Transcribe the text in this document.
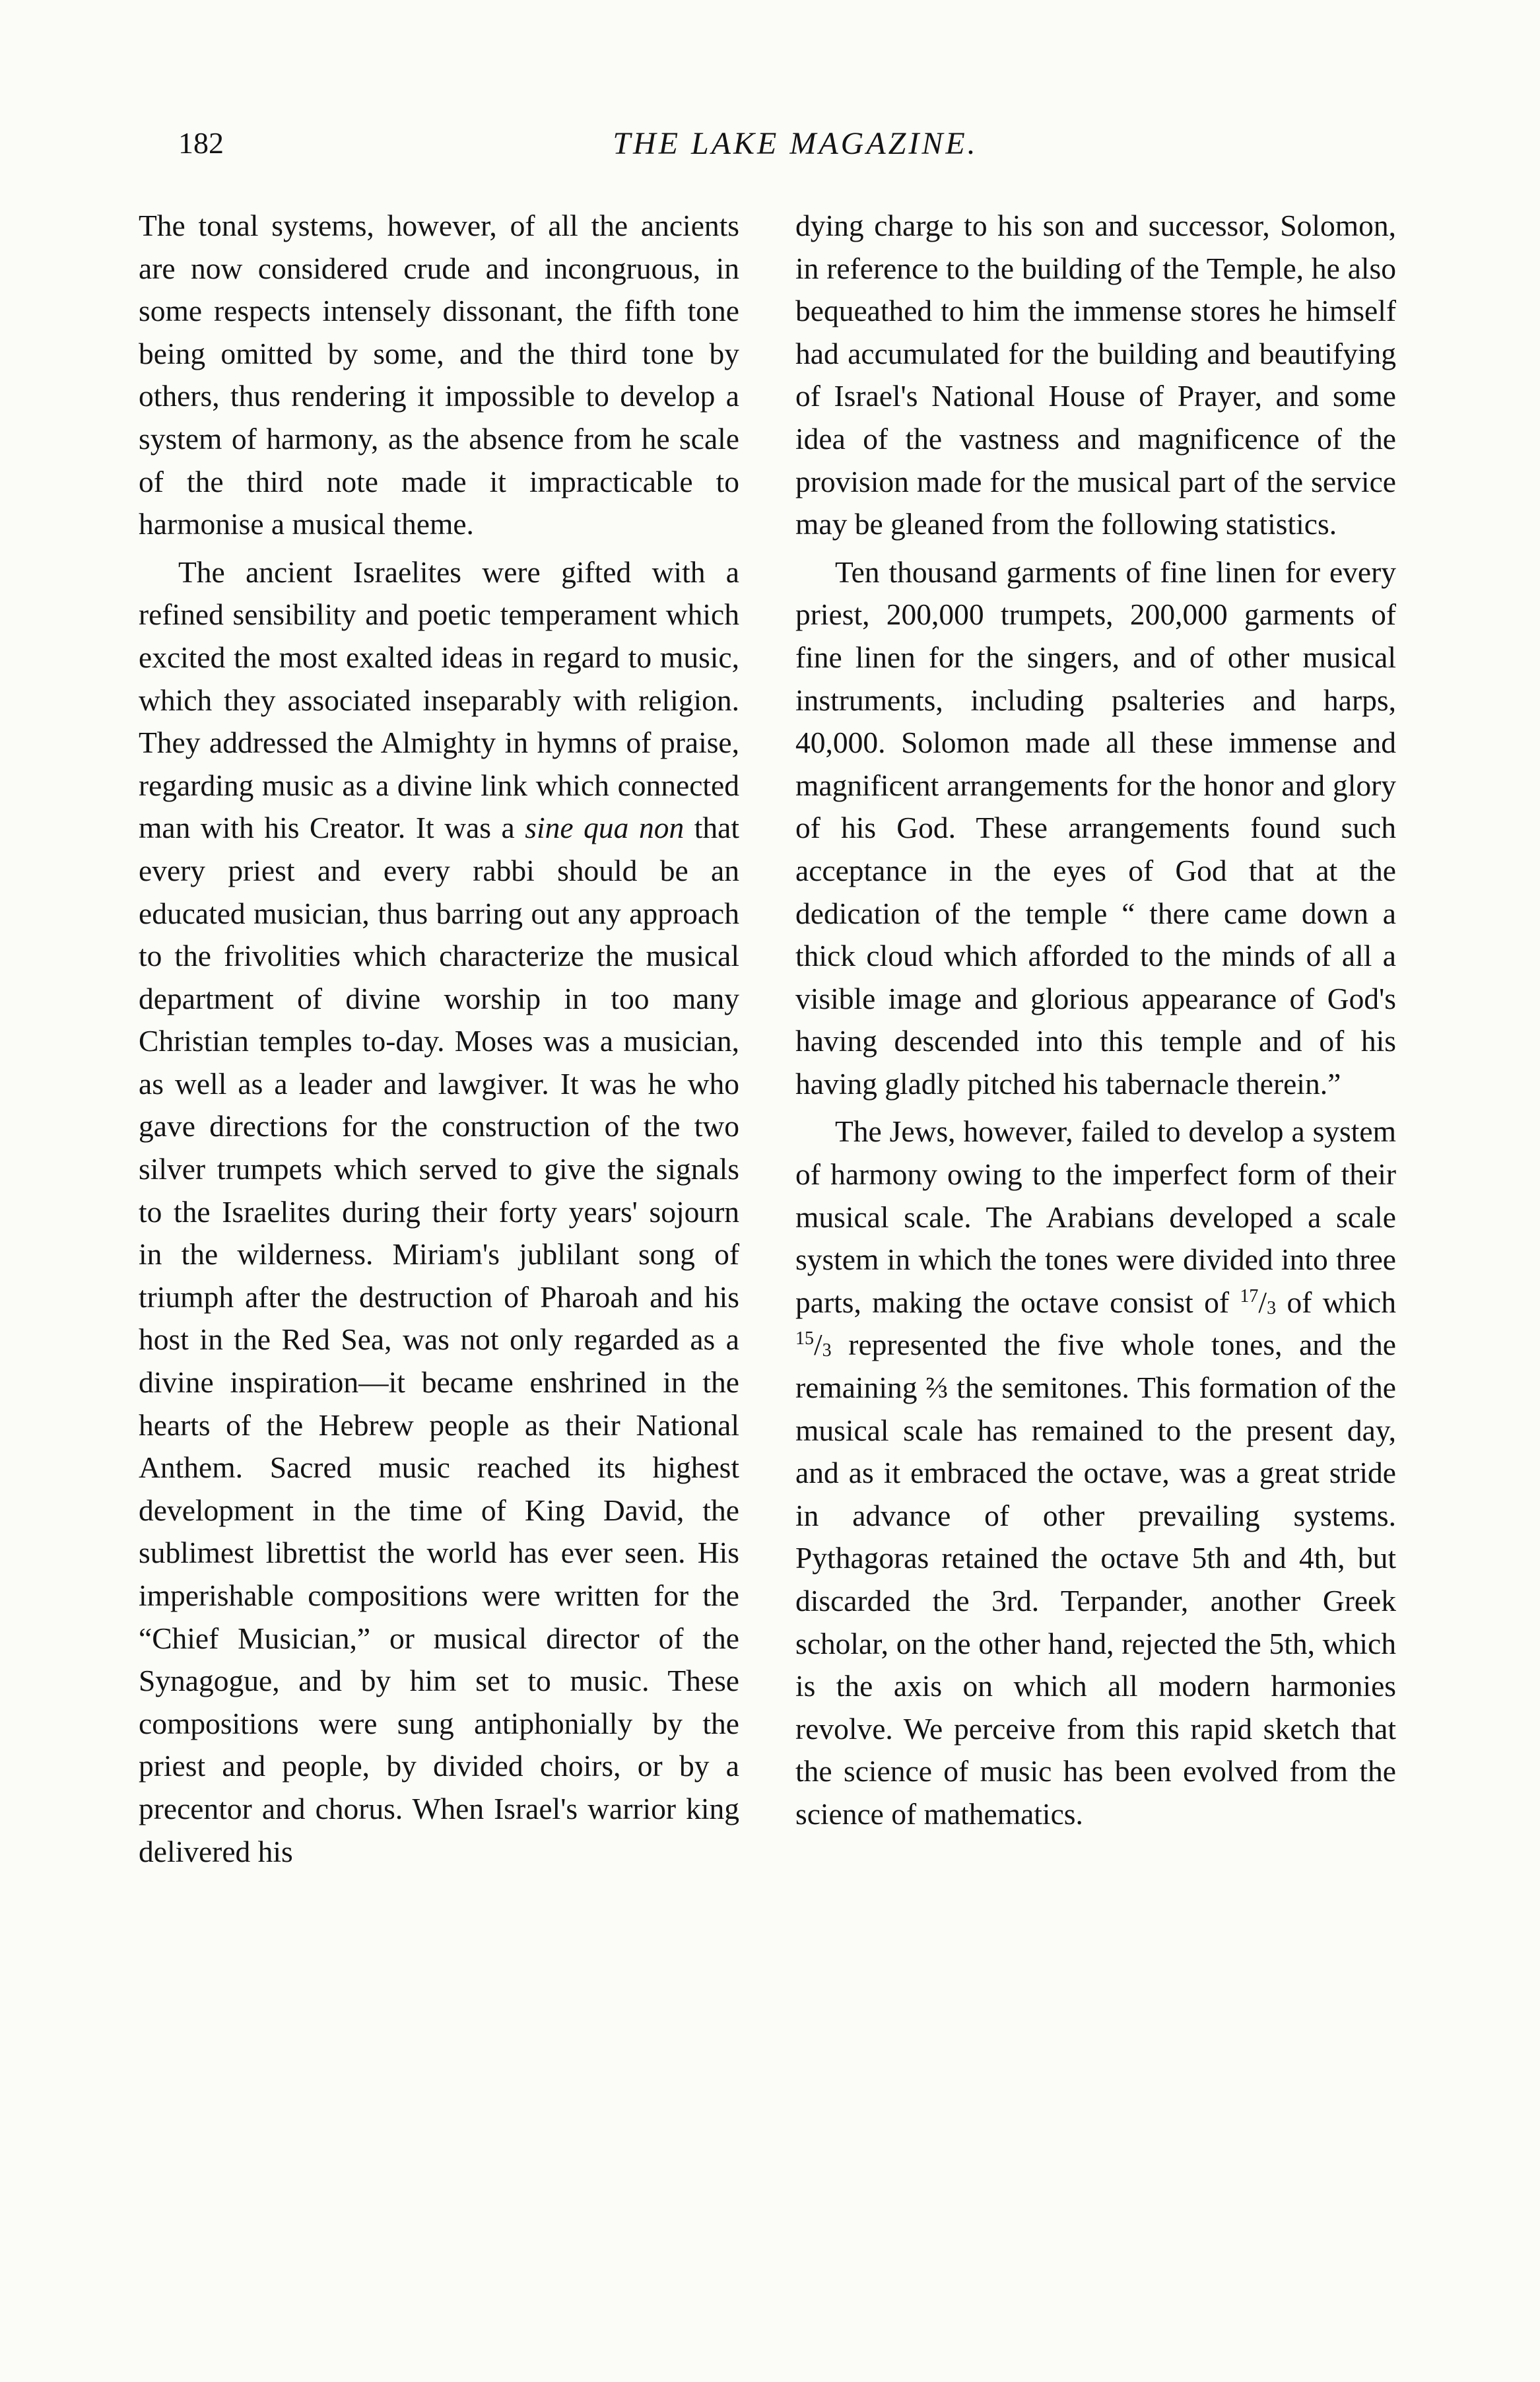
182	THE LAKE MAGAZINE.

The tonal systems, however, of all the ancients are now considered crude and incongruous, in some respects intensely dissonant, the fifth tone being omitted by some, and the third tone by others, thus rendering it impossible to develop a system of harmony, as the absence from he scale of the third note made it impracticable to harmonise a musical theme.

The ancient Israelites were gifted with a refined sensibility and poetic temperament which excited the most exalted ideas in regard to music, which they associated inseparably with religion. They addressed the Almighty in hymns of praise, regarding music as a divine link which connected man with his Creator. It was a sine qua non that every priest and every rabbi should be an educated musician, thus barring out any approach to the frivolities which characterize the musical department of divine worship in too many Christian temples to-day. Moses was a musician, as well as a leader and lawgiver. It was he who gave directions for the construction of the two silver trumpets which served to give the signals to the Israelites during their forty years' sojourn in the wilderness. Miriam's jublilant song of triumph after the destruction of Pharoah and his host in the Red Sea, was not only regarded as a divine inspiration—it became enshrined in the hearts of the Hebrew people as their National Anthem. Sacred music reached its highest development in the time of King David, the sublimest librettist the world has ever seen. His imperishable compositions were written for the “Chief Musician,” or musical director of the Synagogue, and by him set to music. These compositions were sung antiphonially by the priest and people, by divided choirs, or by a precentor and chorus. When Israel's warrior king delivered his

dying charge to his son and successor, Solomon, in reference to the building of the Temple, he also bequeathed to him the immense stores he himself had accumulated for the building and beautifying of Israel's National House of Prayer, and some idea of the vastness and magnificence of the provision made for the musical part of the service may be gleaned from the following statistics.

Ten thousand garments of fine linen for every priest, 200,000 trumpets, 200,000 garments of fine linen for the singers, and of other musical instruments, including psalteries and harps, 40,000. Solomon made all these immense and magnificent arrangements for the honor and glory of his God. These arrangements found such acceptance in the eyes of God that at the dedication of the temple “ there came down a thick cloud which afforded to the minds of all a visible image and glorious appearance of God's having descended into this temple and of his having gladly pitched his tabernacle therein.”

The Jews, however, failed to develop a system of harmony owing to the imperfect form of their musical scale. The Arabians developed a scale system in which the tones were divided into three parts, making the octave consist of $^{17}/_3$ of which $^{15}/_3$ represented the five whole tones, and the remaining ⅔ the semitones. This formation of the musical scale has remained to the present day, and as it embraced the octave, was a great stride in advance of other prevailing systems. Pythagoras retained the octave 5th and 4th, but discarded the 3rd. Terpander, another Greek scholar, on the other hand, rejected the 5th, which is the axis on which all modern harmonies revolve. We perceive from this rapid sketch that the science of music has been evolved from the science of mathematics.
